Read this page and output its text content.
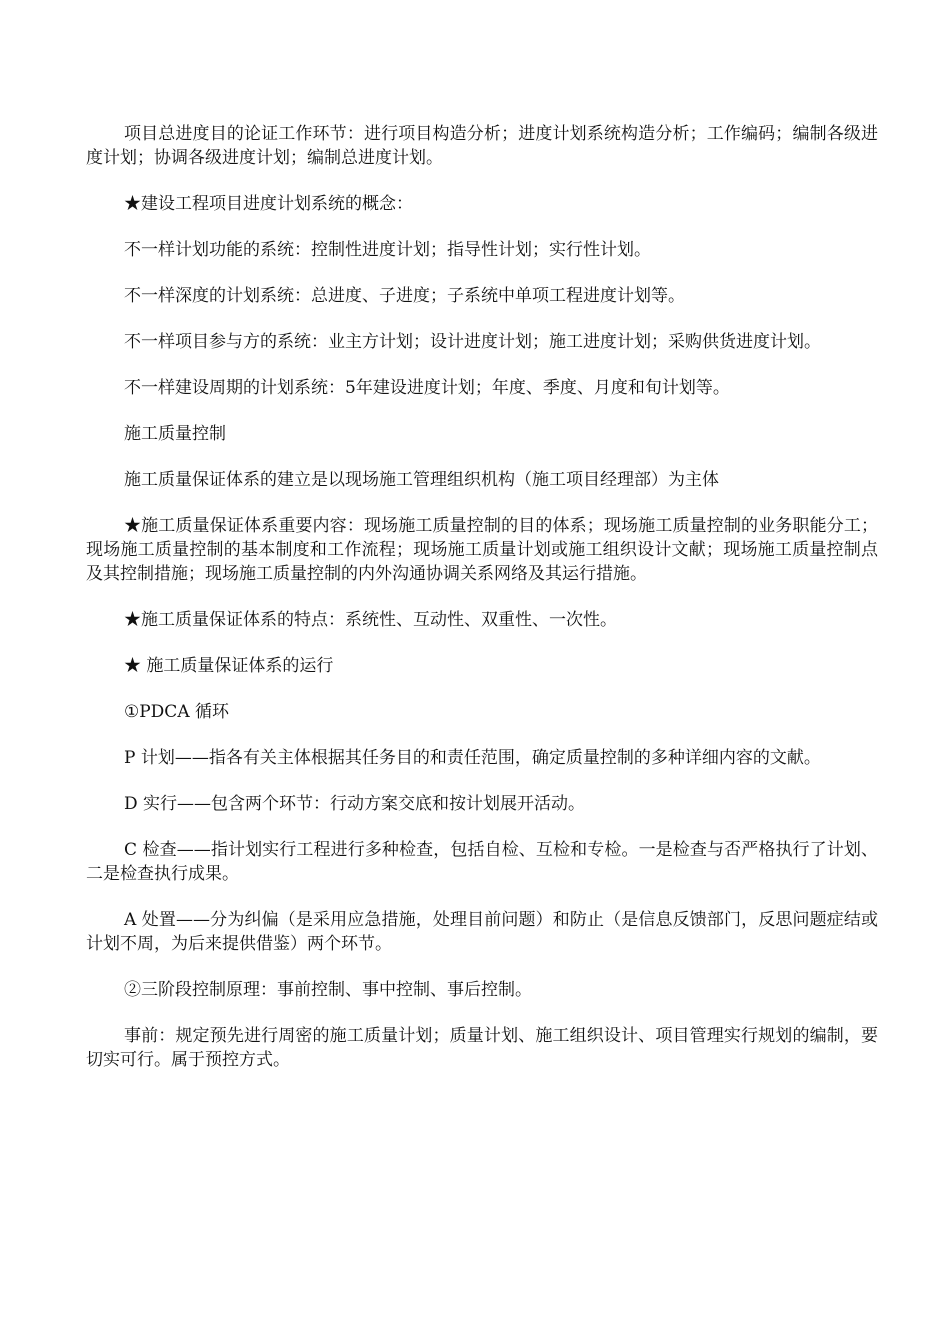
项目总进度目的论证工作环节：进行项目构造分析；进度计划系统构造分析；工作编码；编制各级进度计划；协调各级进度计划；编制总进度计划。

★建设工程项目进度计划系统的概念：

不一样计划功能的系统：控制性进度计划；指导性计划；实行性计划。

不一样深度的计划系统：总进度、子进度；子系统中单项工程进度计划等。

不一样项目参与方的系统：业主方计划；设计进度计划；施工进度计划；采购供货进度计划。

不一样建设周期的计划系统：5年建设进度计划；年度、季度、月度和旬计划等。

施工质量控制

施工质量保证体系的建立是以现场施工管理组织机构（施工项目经理部）为主体

★施工质量保证体系重要内容：现场施工质量控制的目的体系；现场施工质量控制的业务职能分工；现场施工质量控制的基本制度和工作流程；现场施工质量计划或施工组织设计文献；现场施工质量控制点及其控制措施；现场施工质量控制的内外沟通协调关系网络及其运行措施。

★施工质量保证体系的特点：系统性、互动性、双重性、一次性。

★ 施工质量保证体系的运行

①PDCA 循环

P 计划——指各有关主体根据其任务目的和责任范围，确定质量控制的多种详细内容的文献。

D 实行——包含两个环节：行动方案交底和按计划展开活动。

C 检查——指计划实行工程进行多种检查，包括自检、互检和专检。一是检查与否严格执行了计划、二是检查执行成果。

A 处置——分为纠偏（是采用应急措施，处理目前问题）和防止（是信息反馈部门，反思问题症结或计划不周，为后来提供借鉴）两个环节。

②三阶段控制原理：事前控制、事中控制、事后控制。

事前：规定预先进行周密的施工质量计划；质量计划、施工组织设计、项目管理实行规划的编制，要切实可行。属于预控方式。
